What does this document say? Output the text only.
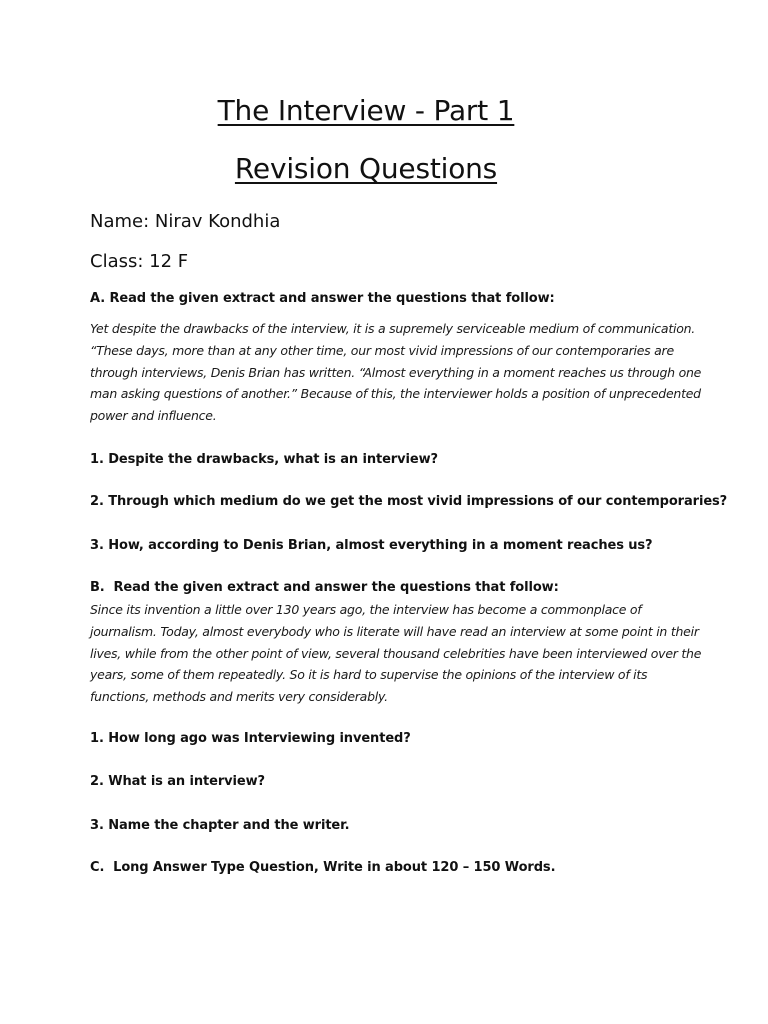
The Interview - Part 1
Revision Questions
Name: Nirav Kondhia
Class: 12 F
A. Read the given extract and answer the questions that follow:
Yet despite the drawbacks of the interview, it is a supremely serviceable medium of communication.
“These days, more than at any other time, our most vivid impressions of our contemporaries are
through interviews, Denis Brian has written. “Almost everything in a moment reaches us through one
man asking questions of another.” Because of this, the interviewer holds a position of unprecedented
power and influence.
1. Despite the drawbacks, what is an interview?
2. Through which medium do we get the most vivid impressions of our contemporaries?
3. How, according to Denis Brian, almost everything in a moment reaches us?
B.  Read the given extract and answer the questions that follow:
Since its invention a little over 130 years ago, the interview has become a commonplace of
journalism. Today, almost everybody who is literate will have read an interview at some point in their
lives, while from the other point of view, several thousand celebrities have been interviewed over the
years, some of them repeatedly. So it is hard to supervise the opinions of the interview of its
functions, methods and merits very considerably.
1. How long ago was Interviewing invented?
2. What is an interview?
3. Name the chapter and the writer.
C.  Long Answer Type Question, Write in about 120 – 150 Words.
